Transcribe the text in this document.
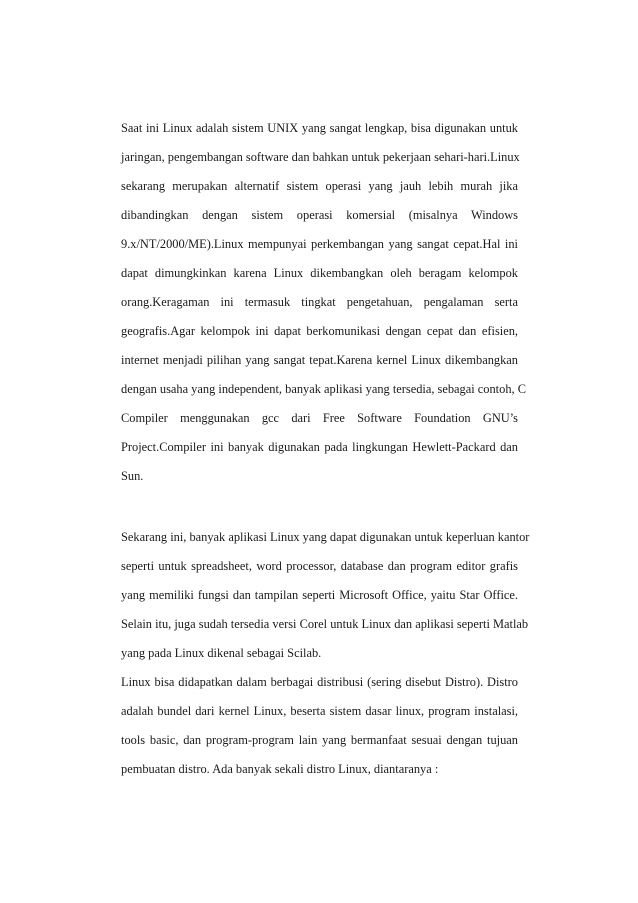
Saat ini Linux adalah sistem UNIX yang sangat lengkap, bisa digunakan untuk
jaringan, pengembangan software dan bahkan untuk pekerjaan sehari-hari.Linux
sekarang merupakan alternatif sistem operasi yang jauh lebih murah jika
dibandingkan dengan sistem operasi komersial (misalnya Windows
9.x/NT/2000/ME).Linux mempunyai perkembangan yang sangat cepat.Hal ini
dapat dimungkinkan karena Linux dikembangkan oleh beragam kelompok
orang.Keragaman ini termasuk tingkat pengetahuan, pengalaman serta
geografis.Agar kelompok ini dapat berkomunikasi dengan cepat dan efisien,
internet menjadi pilihan yang sangat tepat.Karena kernel Linux dikembangkan
dengan usaha yang independent, banyak aplikasi yang tersedia, sebagai contoh, C
Compiler menggunakan gcc dari Free Software Foundation GNU’s
Project.Compiler ini banyak digunakan pada lingkungan Hewlett-Packard dan
Sun.
Sekarang ini, banyak aplikasi Linux yang dapat digunakan untuk keperluan kantor
seperti untuk spreadsheet, word processor, database dan program editor grafis
yang memiliki fungsi dan tampilan seperti Microsoft Office, yaitu Star Office.
Selain itu, juga sudah tersedia versi Corel untuk Linux dan aplikasi seperti Matlab
yang pada Linux dikenal sebagai Scilab.
Linux bisa didapatkan dalam berbagai distribusi (sering disebut Distro). Distro
adalah bundel dari kernel Linux, beserta sistem dasar linux, program instalasi,
tools basic, dan program-program lain yang bermanfaat sesuai dengan tujuan
pembuatan distro. Ada banyak sekali distro Linux, diantaranya :
